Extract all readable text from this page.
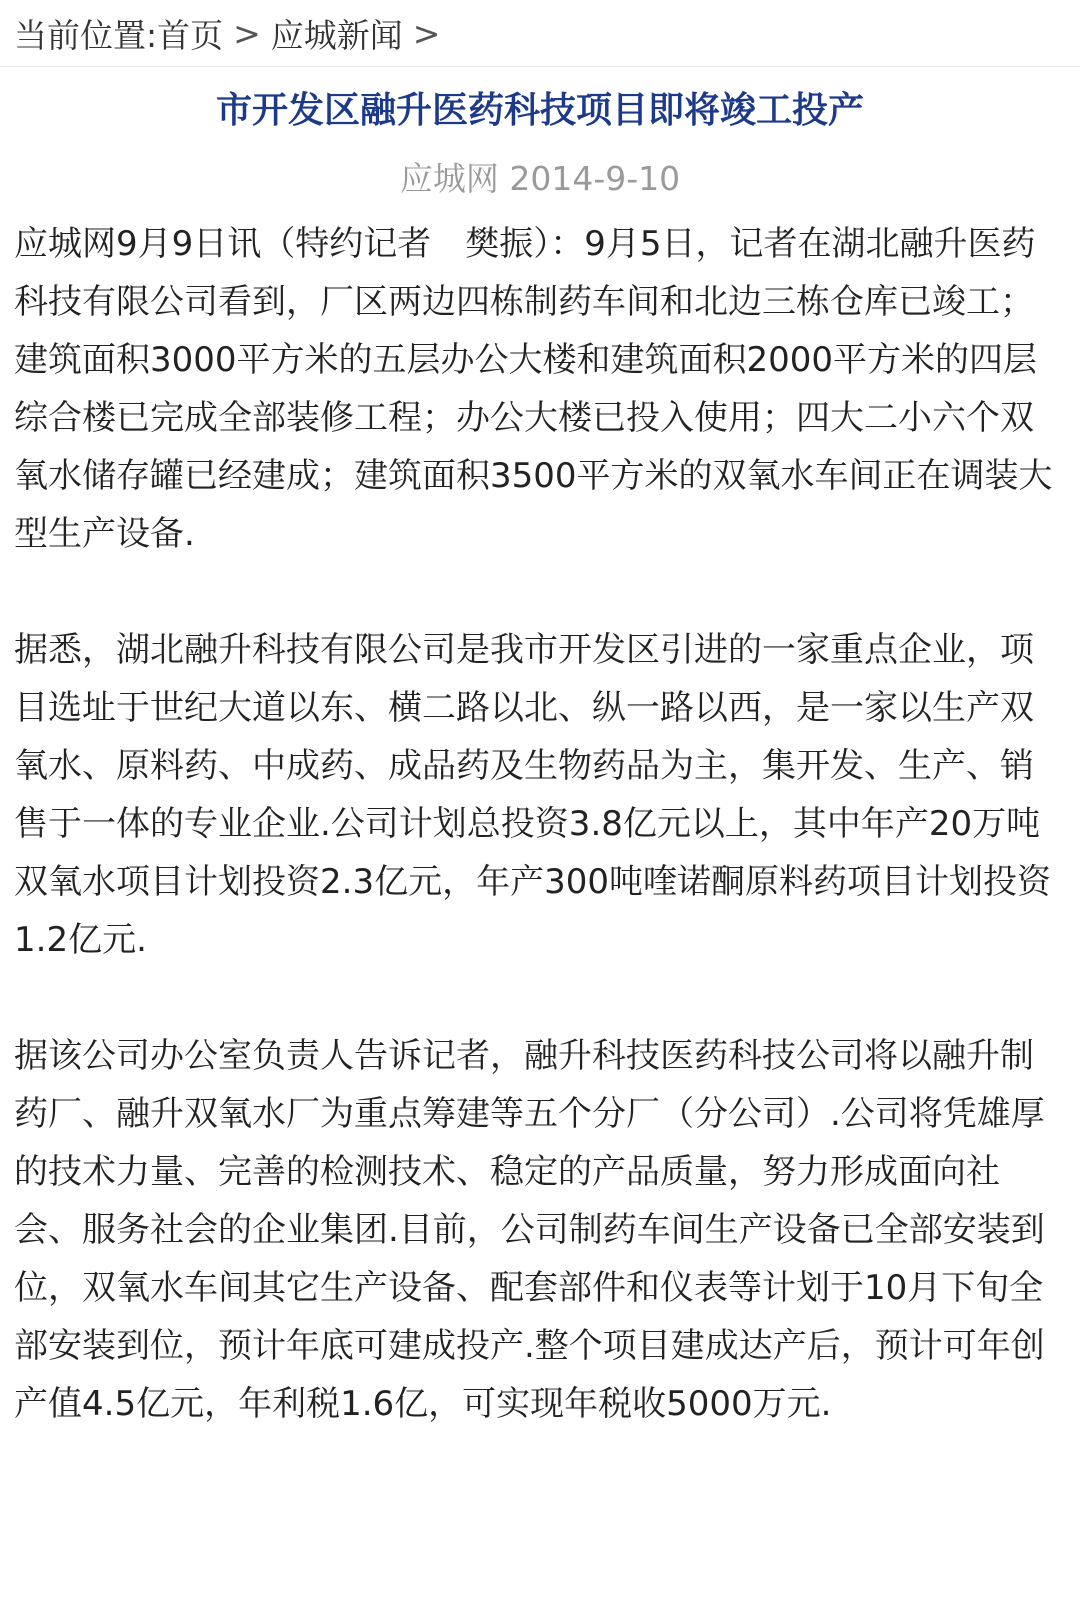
当前位置: 首页 > 应城新闻 >
市开发区融升医药科技项目即将竣工投产
应城网 2014-9-10

应城网9月9日讯（特约记者　樊振）：9月5日，记者在湖北融升医药科技有限公司看到，厂区两边四栋制药车间和北边三栋仓库已竣工；建筑面积3000平方米的五层办公大楼和建筑面积2000平方米的四层综合楼已完成全部装修工程；办公大楼已投入使用；四大二小六个双氧水储存罐已经建成；建筑面积3500平方米的双氧水车间正在调装大型生产设备.

据悉，湖北融升科技有限公司是我市开发区引进的一家重点企业，项目选址于世纪大道以东、横二路以北、纵一路以西，是一家以生产双氧水、原料药、中成药、成品药及生物药品为主，集开发、生产、销售于一体的专业企业.公司计划总投资3.8亿元以上，其中年产20万吨双氧水项目计划投资2.3亿元，年产300吨喹诺酮原料药项目计划投资1.2亿元.

据该公司办公室负责人告诉记者，融升科技医药科技公司将以融升制药厂、融升双氧水厂为重点筹建等五个分厂（分公司）.公司将凭雄厚的技术力量、完善的检测技术、稳定的产品质量，努力形成面向社会、服务社会的企业集团.目前，公司制药车间生产设备已全部安装到位，双氧水车间其它生产设备、配套部件和仪表等计划于10月下旬全部安装到位，预计年底可建成投产.整个项目建成达产后，预计可年创产值4.5亿元，年利税1.6亿，可实现年税收5000万元.
